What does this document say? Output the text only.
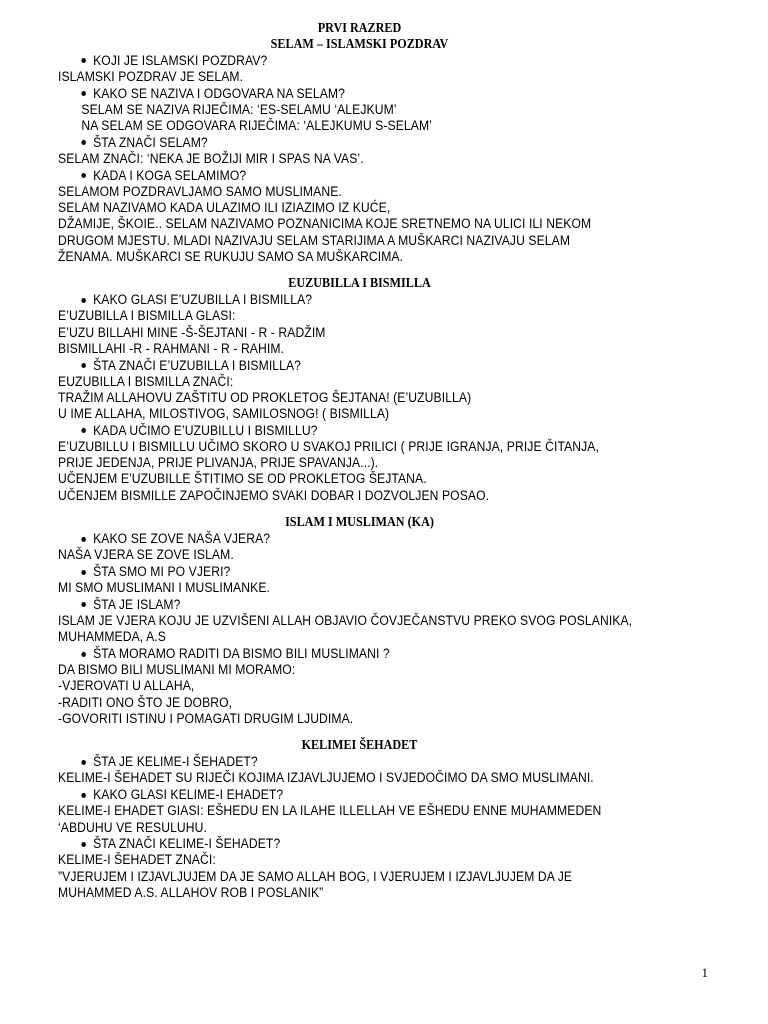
PRVI RAZRED
SELAM – ISLAMSKI POZDRAV
KOJI JE ISLAMSKI POZDRAV?
ISLAMSKI POZDRAV JE SELAM.
KAKO SE NAZIVA I ODGOVARA NA SELAM?
SELAM SE NAZIVA RIJEČIMA: ‘ES-SELAMU ‘ALEJKUM’
NA SELAM SE ODGOVARA RIJEČIMA: ‘ALEJKUMU S-SELAM’
ŠTA ZNAČI SELAM?
SELAM ZNAČI: ‘NEKA JE BOŽIJI MIR I SPAS NA VAS’.
KADA I KOGA SELAMIMO?
SELAMOM POZDRAVLJAMO SAMO MUSLIMANE.
SELAM NAZIVAMO KADA ULAZIMO ILI IZIAZIMO IZ KUĆE,
DŽAMIJE, ŠKOIE.. SELAM NAZIVAMO POZNANICIMA KOJE SRETNEMO NA ULICI ILI NEKOM
DRUGOM MJESTU. MLADI NAZIVAJU SELAM STARIJIMA A MUŠKARCI NAZIVAJU SELAM
ŽENAMA. MUŠKARCI SE RUKUJU SAMO SA MUŠKARCIMA.
EUZUBILLA I BISMILLA
KAKO GLASI E’UZUBILLA I BISMILLA?
E’UZUBILLA I BISMILLA GLASI:
E’UZU BILLAHI MINE -Š-ŠEJTANI - R - RADŽIM
BISMILLAHI -R - RAHMANI - R - RAHIM.
ŠTA ZNAČI E’UZUBILLA I BISMILLA?
EUZUBILLA I BISMILLA ZNAČI:
TRAŽIM ALLAHOVU ZAŠTITU OD PROKLETOG ŠEJTANA! (E’UZUBILLA)
U IME ALLAHA, MILOSTIVOG, SAMILOSNOG! ( BISMILLA)
KADA UČIMO E’UZUBILLU I BISMILLU?
E’UZUBILLU I BISMILLU UČIMO SKORO U SVAKOJ PRILICI ( PRIJE IGRANJA, PRIJE ČITANJA,
PRIJE JEDENJA, PRIJE PLIVANJA, PRIJE SPAVANJA...).
UČENJEM E’UZUBILLE ŠTITIMO SE OD PROKLETOG ŠEJTANA.
UČENJEM BISMILLE ZAPOČINJEMO SVAKI DOBAR I DOZVOLJEN POSAO.
ISLAM I MUSLIMAN (KA)
KAKO SE ZOVE NAŠA VJERA?
NAŠA VJERA SE ZOVE ISLAM.
ŠTA SMO MI PO VJERI?
MI SMO MUSLIMANI I MUSLIMANKE.
ŠTA JE ISLAM?
ISLAM JE VJERA KOJU JE UZVIŠENI ALLAH OBJAVIO ČOVJEČANSTVU PREKO SVOG POSLANIKA,
MUHAMMEDA, A.S
ŠTA MORAMO RADITI DA BISMO BILI MUSLIMANI ?
DA BISMO BILI MUSLIMANI MI MORAMO:
-VJEROVATI U ALLAHA,
-RADITI ONO ŠTO JE DOBRO,
-GOVORITI ISTINU I POMAGATI DRUGIM LJUDIMA.
KELIMEI ŠEHADET
ŠTA JE KELIME-I ŠEHADET?
KELIME-I ŠEHADET SU RIJEČI KOJIMA IZJAVLJUJEMO I SVJEDOČIMO DA SMO MUSLIMANI.
KAKO GLASI KELIME-I EHADET?
KELIME-I EHADET GIASI: EŠHEDU EN LA ILAHE ILLELLAH VE EŠHEDU ENNE MUHAMMEDEN
‘ABDUHU VE RESULUHU.
ŠTA ZNAČI KELIME-I ŠEHADET?
KELIME-I ŠEHADET ZNAČI:
”VJERUJEM I IZJAVLJUJEM DA JE SAMO ALLAH BOG, I VJERUJEM I IZJAVLJUJEM DA JE
MUHAMMED A.S. ALLAHOV ROB I POSLANIK”
1
